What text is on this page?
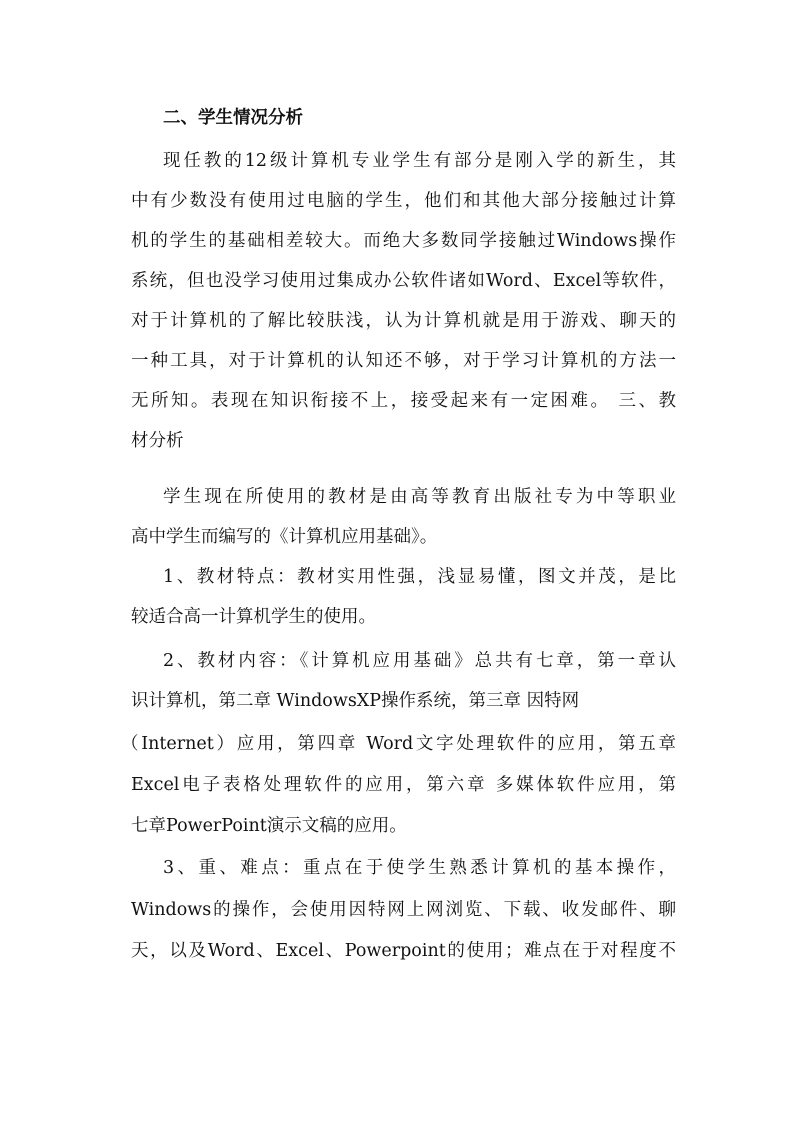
二、学生情况分析
现任教的12级计算机专业学生有部分是刚入学的新生，其
中有少数没有使用过电脑的学生，他们和其他大部分接触过计算
机的学生的基础相差较大。而绝大多数同学接触过Windows操作
系统，但也没学习使用过集成办公软件诸如Word、Excel等软件，
对于计算机的了解比较肤浅，认为计算机就是用于游戏、聊天的
一种工具，对于计算机的认知还不够，对于学习计算机的方法一
无所知。表现在知识衔接不上，接受起来有一定困难。 三、教
材分析
学生现在所使用的教材是由高等教育出版社专为中等职业
高中学生而编写的《计算机应用基础》。
1、教材特点：教材实用性强，浅显易懂，图文并茂，是比
较适合高一计算机学生的使用。
2、教材内容：《计算机应用基础》总共有七章，第一章认
识计算机，第二章 WindowsXP操作系统，第三章 因特网
（Internet）应用，第四章 Word文字处理软件的应用，第五章
Excel电子表格处理软件的应用，第六章 多媒体软件应用，第
七章PowerPoint演示文稿的应用。
3、重、难点：重点在于使学生熟悉计算机的基本操作，
Windows的操作，会使用因特网上网浏览、下载、收发邮件、聊
天，以及Word、Excel、Powerpoint的使用；难点在于对程度不
